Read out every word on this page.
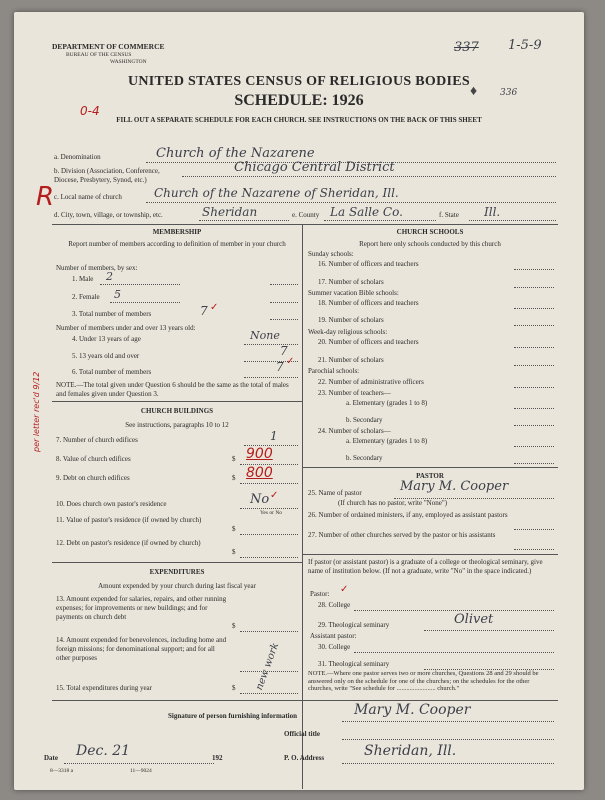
DEPARTMENT OF COMMERCE
BUREAU OF THE CENSUS
WASHINGTON
337 1-5-9
336
♦
UNITED STATES CENSUS OF RELIGIOUS BODIES
SCHEDULE: 1926
FILL OUT A SEPARATE SCHEDULE FOR EACH CHURCH. SEE INSTRUCTIONS ON THE BACK OF THIS SHEET
0-4
R
a. Denomination	Church of the Nazarene
b. Division (Association, Conference, Diocese, Presbytery, Synod, etc.)
Chicago Central District
c. Local name of church	Church of the Nazarene of Sheridan, Ill.
d. City, town, village, or township, etc.	Sheridan	e. County La Salle Co.	f. State Ill.
MEMBERSHIP
Report number of members according to definition of member in your church
Number of members, by sex:
1. Male 2
2. Female 5
3. Total number of members	7 ✓
Number of members under and over 13 years old:
4. Under 13 years of age	None
5. 13 years old and over	7
6. Total number of members	7 ✓
NOTE.—The total given under Question 6 should be the same as the total of males and females given under Question 3.
CHURCH BUILDINGS
See instructions, paragraphs 10 to 12
per letter rec'd 9/12 7. Number of church edifices	1
8. Value of church edifices	$ 900
9. Debt on church edifices	$ 800
10. Does church own pastor's residence	No ✓
Yes or No
11. Value of pastor's residence (if owned by church)
$
12. Debt on pastor's residence (if owned by church)
$
EXPENDITURES
Amount expended by your church during last fiscal year
13. Amount expended for salaries, repairs, and other running expenses; for improvements or new buildings; and for payments on church debt
$
14. Amount expended for benevolences, including home and foreign missions; for denominational support; and for all other purposes	new work
15. Total expenditures during year	$
CHURCH SCHOOLS
Report here only schools conducted by this church
Sunday schools:
16. Number of officers and teachers
17. Number of scholars
Summer vacation Bible schools:
18. Number of officers and teachers
19. Number of scholars
Week-day religious schools:
20. Number of officers and teachers
21. Number of scholars
Parochial schools:
22. Number of administrative officers
23. Number of teachers—
a. Elementary (grades 1 to 8)
b. Secondary
24. Number of scholars—
a. Elementary (grades 1 to 8)
b. Secondary
PASTOR
25. Name of pastor	Mary M. Cooper
(If church has no pastor, write "None")
26. Number of ordained ministers, if any, employed as assistant pastors
27. Number of other churches served by the pastor or his assistants
If pastor (or assistant pastor) is a graduate of a college or theological seminary, give name of institution below. (If not a graduate, write "No" in the space indicated.)
Pastor: ✓
28. College
29. Theological seminary	Olivet
Assistant pastor:
30. College
31. Theological seminary
NOTE.—Where one pastor serves two or more churches, Questions 28 and 29 should be answered only on the schedule for one of the churches; on the schedules for the other churches, write "See schedule for ........................ church."
Signature of person furnishing information	Mary M. Cooper
Official title
Date Dec. 21	192	P. O. Address	Sheridan, Ill.
8—3318 a	11—9024
